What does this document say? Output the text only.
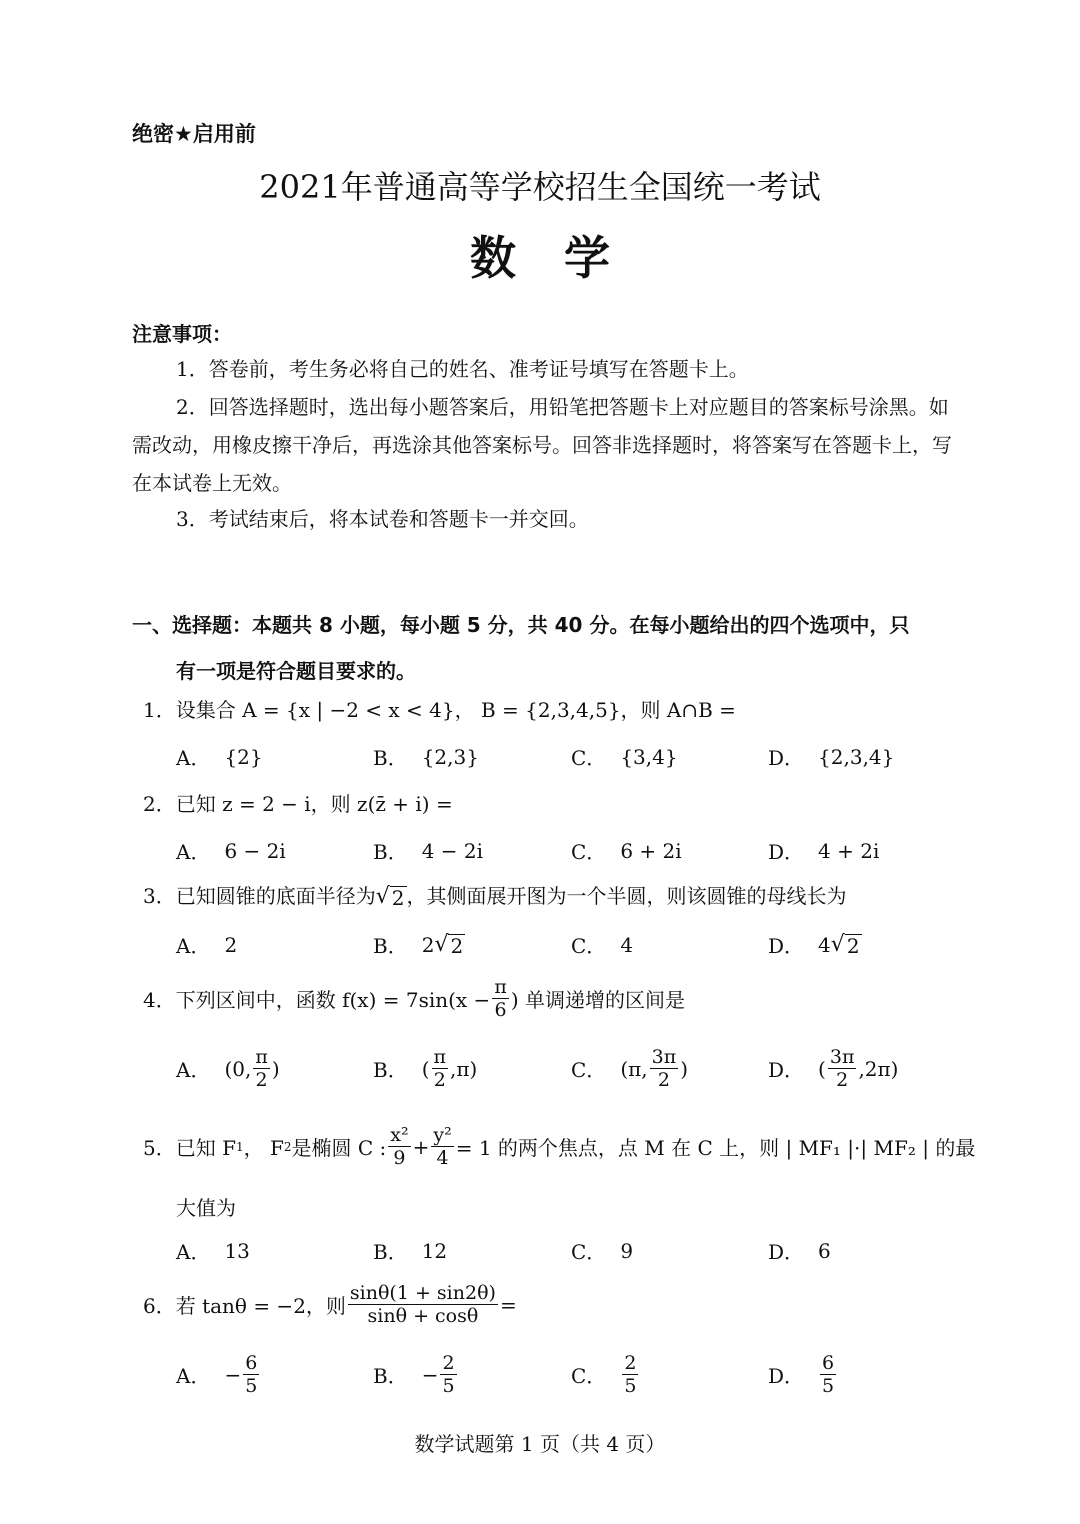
绝密★启用前
2021年普通高等学校招生全国统一考试
数学
注意事项：
1．答卷前，考生务必将自己的姓名、准考证号填写在答题卡上。
2．回答选择题时，选出每小题答案后，用铅笔把答题卡上对应题目的答案标号涂黑。如需改动，用橡皮擦干净后，再选涂其他答案标号。回答非选择题时，将答案写在答题卡上，写在本试卷上无效。
3．考试结束后，将本试卷和答题卡一并交回。
一、选择题：本题共 8 小题，每小题 5 分，共 40 分。在每小题给出的四个选项中，只
有一项是符合题目要求的。
1．设集合 A = {x | −2 < x < 4}， B = {2,3,4,5}，则 A∩B =
A． {2}	B． {2,3}	C． {3,4}	D． {2,3,4}
2．已知 z = 2 − i，则 z(z̄ + i) =
A． 6 − 2i	B． 4 − 2i	C． 6 + 2i	D． 4 + 2i
3．已知圆锥的底面半径为 √ 2 ，其侧面展开图为一个半圆，则该圆锥的母线长为
A． 2	B． 2 √ 2	C． 4	D． 4 √ 2
4．下列区间中，函数 $f(x) = 7\sin(x - \frac{\pi}{6}$ ) 单调递增的区间是
A． (0, $\frac{\pi}{2}$ )	B． ( $\frac{\pi}{2} ,\pi$)	C． (π, $\frac{3\pi}{2}$ )	D． ( $\frac{3\pi}{2} ,2\pi$)
5．已知 F 1 ， F 2 是椭圆 C : $\frac{\text{x²}}{9} + \frac{\text{y²}}{4} = 1$ 的两个焦点，点 M 在 C 上，则 | MF₁ |·| MF₂ | 的最
大值为
A． 13	B． 12	C． 9	D． 6
6．若 tanθ = −2，则 $\frac{\sin\theta(1 + \sin 2\theta)}{\sin\theta + \cos\theta}$ =
A． − $\frac{6}{5}$	B． − $\frac{2}{5}$	C． $\frac{2}{5}$	D． $\frac{6}{5}$
数学试题第 1 页（共 4 页）
